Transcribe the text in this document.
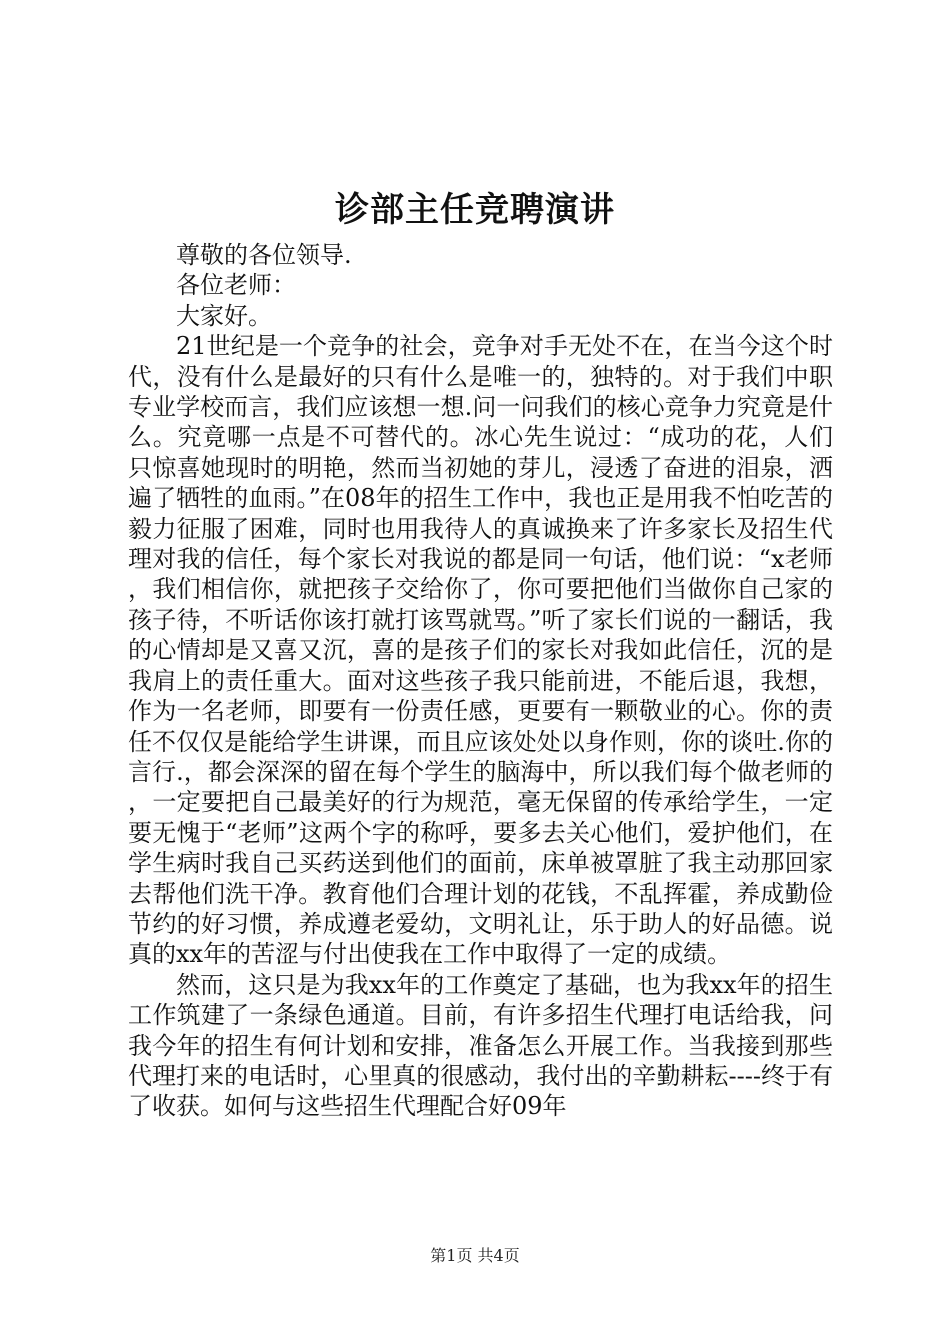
诊部主任竞聘演讲

尊敬的各位领导.

各位老师：

大家好。

21世纪是一个竞争的社会，竞争对手无处不在，在当今这个时代，没有什么是最好的只有什么是唯一的，独特的。对于我们中职专业学校而言，我们应该想一想.问一问我们的核心竞争力究竟是什么。究竟哪一点是不可替代的。冰心先生说过：“成功的花，人们只惊喜她现时的明艳，然而当初她的芽儿，浸透了奋进的泪泉，洒遍了牺牲的血雨。”在08年的招生工作中，我也正是用我不怕吃苦的毅力征服了困难，同时也用我待人的真诚换来了许多家长及招生代理对我的信任，每个家长对我说的都是同一句话，他们说：“x老师，我们相信你，就把孩子交给你了，你可要把他们当做你自己家的孩子待，不听话你该打就打该骂就骂。”听了家长们说的一翻话，我的心情却是又喜又沉，喜的是孩子们的家长对我如此信任，沉的是我肩上的责任重大。面对这些孩子我只能前进，不能后退，我想，作为一名老师，即要有一份责任感，更要有一颗敬业的心。你的责任不仅仅是能给学生讲课，而且应该处处以身作则，你的谈吐.你的言行.，都会深深的留在每个学生的脑海中，所以我们每个做老师的，一定要把自己最美好的行为规范，毫无保留的传承给学生，一定要无愧于“老师”这两个字的称呼，要多去关心他们，爱护他们，在学生病时我自己买药送到他们的面前，床单被罩脏了我主动那回家去帮他们洗干净。教育他们合理计划的花钱，不乱挥霍，养成勤俭节约的好习惯，养成遵老爱幼，文明礼让，乐于助人的好品德。说真的xx年的苦涩与付出使我在工作中取得了一定的成绩。

然而，这只是为我xx年的工作奠定了基础，也为我xx年的招生工作筑建了一条绿色通道。目前，有许多招生代理打电话给我，问我今年的招生有何计划和安排，准备怎么开展工作。当我接到那些代理打来的电话时，心里真的很感动，我付出的辛勤耕耘----终于有了收获。如何与这些招生代理配合好09年

第1页 共4页
